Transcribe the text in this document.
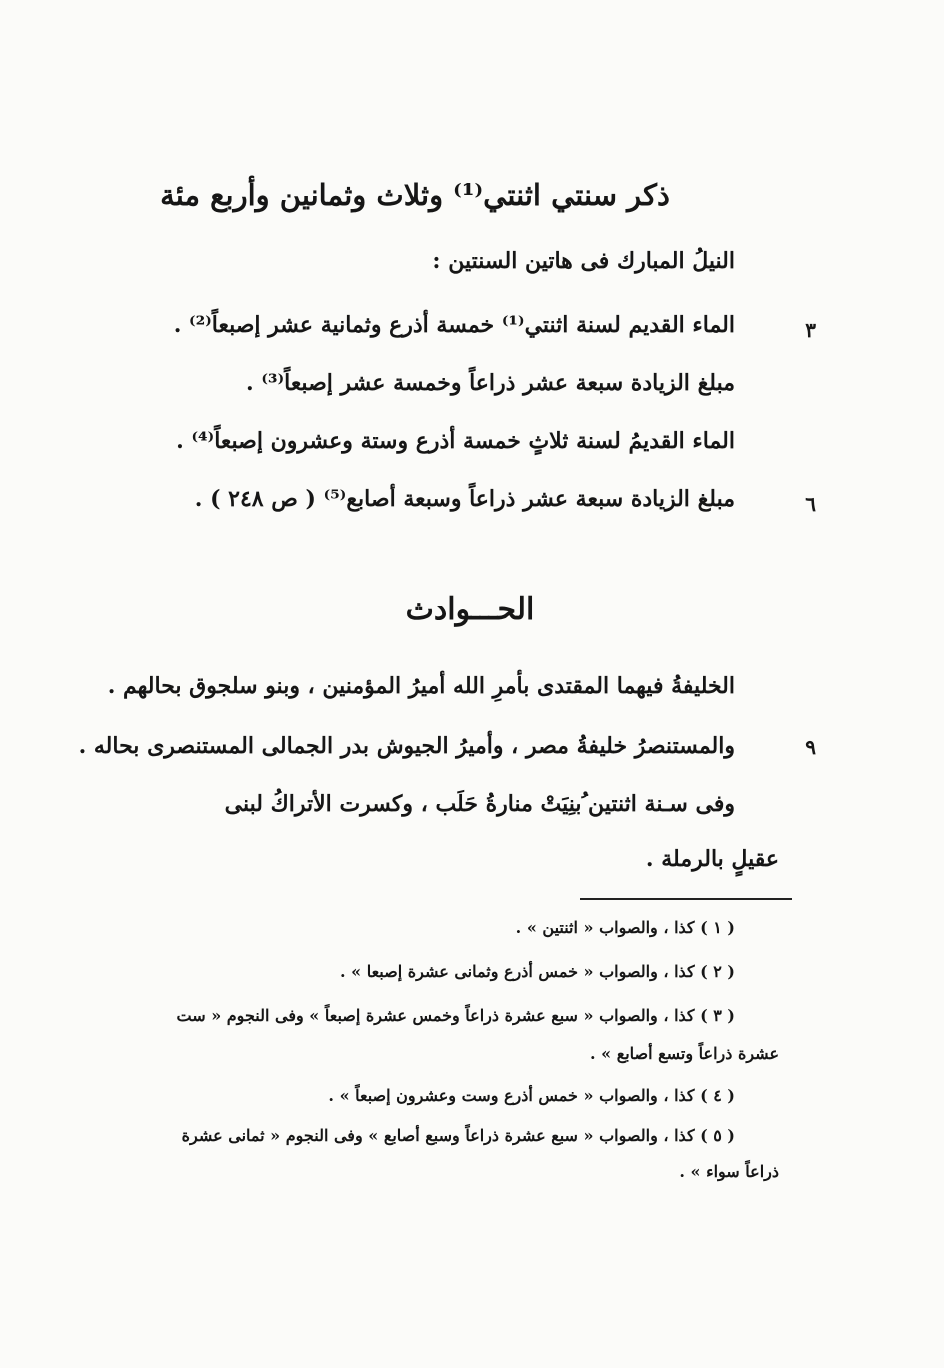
ذكر سنتي اثنتي⁽¹⁾ وثلاث وثمانين وأربع مئة
النيلُ المبارك فى هاتين السنتين :
الماء القديم لسنة اثنتي⁽¹⁾ خمسة أذرع وثمانية عشر إصبعاً⁽²⁾ .
مبلغ الزيادة سبعة عشر ذراعاً وخمسة عشر إصبعاً⁽³⁾ .
الماء القديمُ لسنة ثلاثٍ خمسة أذرع وستة وعشرون إصبعاً⁽⁴⁾ .
مبلغ الزيادة سبعة عشر ذراعاً وسبعة أصابع⁽⁵⁾ ( ص ٢٤٨ ) .
٣
٦
٩
الحـــوادث
الخليفةُ فيهما المقتدى بأمرِ الله أميرُ المؤمنين ، وبنو سلجوق بحالهم .
والمستنصرُ خليفةُ مصر ، وأميرُ الجيوش بدر الجمالى المستنصرى بحاله .
وفى سـنة اثنتين ُبنِيَتْ منارةُ حَلَب ، وكسرت الأتراكُ لبنى
عقيلٍ بالرملة .
( ١ ) كذا ، والصواب « اثنتين » .
( ٢ ) كذا ، والصواب « خمس أذرع وثمانى عشرة إصبعا » .
( ٣ ) كذا ، والصواب « سبع عشرة ذراعاً وخمس عشرة إصبعاً » وفى النجوم « ست
عشرة ذراعاً وتسع أصابع » .
( ٤ ) كذا ، والصواب « خمس أذرع وست وعشرون إصبعاً » .
( ٥ ) كذا ، والصواب « سبع عشرة ذراعاً وسبع أصابع » وفى النجوم « ثمانى عشرة
ذراعاً سواء » .
